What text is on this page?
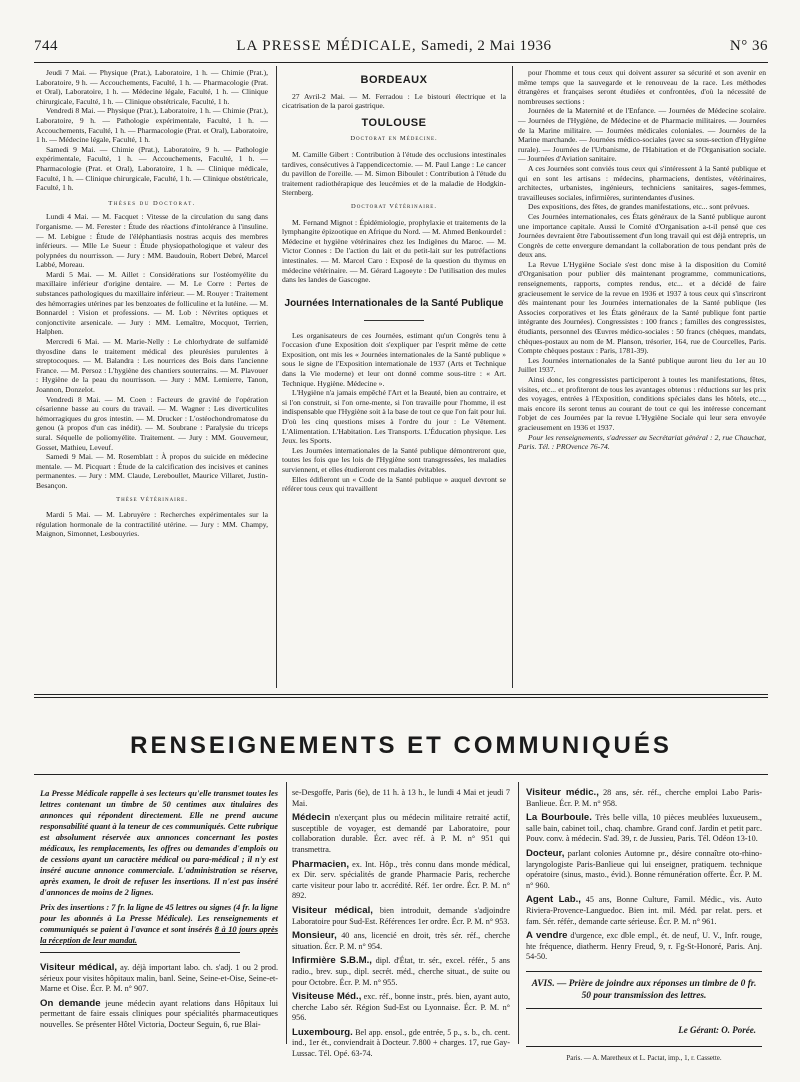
744	LA PRESSE MÉDICALE, Samedi, 2 Mai 1936	N° 36

Jeudi 7 Mai. — Physique (Prat.), Laboratoire, 1 h. — Chimie (Prat.), Laboratoire, 9 h. — Accouchements, Faculté, 1 h. — Pharmacologie (Prat. et Oral), Laboratoire, 1 h. — Médecine légale, Faculté, 1 h. — Clinique chirurgicale, Faculté, 1 h. — Clinique obstétricale, Faculté, 1 h.

Vendredi 8 Mai. — Physique (Prat.), Laboratoire, 1 h. — Chimie (Prat.), Laboratoire, 9 h. — Pathologie expérimentale, Faculté, 1 h. — Accouchements, Faculté, 1 h. — Pharmacologie (Prat. et Oral), Laboratoire, 1 h. — Médecine légale, Faculté, 1 h.

Samedi 9 Mai. — Chimie (Prat.), Laboratoire, 9 h. — Pathologie expérimentale, Faculté, 1 h. — Accouchements, Faculté, 1 h. — Pharmacologie (Prat. et Oral), Laboratoire, 1 h. — Clinique médicale, Faculté, 1 h. — Clinique chirurgicale, Faculté, 1 h. — Clinique obstétricale, Faculté, 1 h.

Thèses du Doctorat.

Lundi 4 Mai. — M. Facquet : Vitesse de la circulation du sang dans l'organisme. — M. Ferester : Étude des réactions d'intolérance à l'insuline. — M. Lebigue : Étude de l'éléphantiasis nostras acquis des membres inférieurs. — Mlle Le Sueur : Étude physiopathologique et valeur des polypnées du nourrisson. — Jury : MM. Baudouin, Robert Debré, Marcel Labbé, Moreau.

Mardi 5 Mai. — M. Aillet : Considérations sur l'ostéomyélite du maxillaire inférieur d'origine dentaire. — M. Le Corre : Pertes de substances pathologiques du maxillaire inférieur. — M. Rouyer : Traitement des hémorragies utérines par les benzoates de folliculine et la lutéine. — M. Bonnardel : Vision et professions. — M. Lob : Névrites optiques et conjonctivite arsenicale. — Jury : MM. Lemaître, Mocquot, Terrien, Halphen.

Mercredi 6 Mai. — M. Marie-Nelly : Le chlorhydrate de sulfamidé thyosdine dans le traitement médical des pleurésies purulentes à streptocoques. — M. Balandra : Les nourrices des Bois dans l'ancienne France. — M. Persoz : L'hygiène des chantiers souterrains. — M. Plavouer : Hygiène de la peau du nourrisson. — Jury : MM. Lemierre, Tanon, Joannon, Donzelot.

Vendredi 8 Mai. — M. Coen : Facteurs de gravité de l'opération césarienne basse au cours du travail. — M. Wagner : Les diverticulites hémorragiques du gros intestin. — M. Drucker : L'ostéochondromatose du genou (à propos d'un cas inédit). — M. Soubrane : Paralysie du triceps sural. Séquelle de poliomyélite. Traitement. — Jury : MM. Gouverneur, Gosset, Mathieu, Leveuf.

Samedi 9 Mai. — M. Rosemblatt : À propos du suicide en médecine mentale. — M. Picquart : Étude de la calcification des incisives et canines permanentes. — Jury : MM. Claude, Lereboullet, Maurice Villaret, Justin-Besançon.

Thèse Vétérinaire.

Mardi 5 Mai. — M. Labruyère : Recherches expérimentales sur la régulation hormonale de la contractilité utérine. — Jury : MM. Champy, Maignon, Simonnet, Lesbouyries.

BORDEAUX

27 Avril-2 Mai. — M. Ferradou : Le bistouri électrique et la cicatrisation de la paroi gastrique.

TOULOUSE
Doctorat en Médecine.

M. Camille Gibert : Contribution à l'étude des occlusions intestinales tardives, consécutives à l'appendicectomie. — M. Paul Lange : Le cancer du pavillon de l'oreille. — M. Simon Biboulet : Contribution à l'étude du traitement radiothérapique des leucémies et de la maladie de Hodgkin-Sternberg.

Doctorat Vétérinaire.

M. Fernand Mignot : Épidémiologie, prophylaxie et traitements de la lymphangite épizootique en Afrique du Nord. — M. Ahmed Benkourdel : Médecine et hygiène vétérinaires chez les Indigènes du Maroc. — M. Victor Connes : De l'action du lait et du petit-lait sur les putréfactions intestinales. — M. Marcel Caro : Exposé de la question du thymus en médecine vétérinaire. — M. Gérard Lagoeyte : De l'utilisation des mules dans les landes de Gascogne.

Journées Internationales de la Santé Publique

Les organisateurs de ces Journées, estimant qu'un Congrès tenu à l'occasion d'une Exposition doit s'expliquer par l'esprit même de cette Exposition, ont mis les « Journées internationales de la Santé publique » sous le signe de l'Exposition internationale de 1937 (Arts et Technique dans la Vie moderne) et leur ont donné comme sous-titre : « Art. Technique. Hygiène. Médecine ».

L'Hygiène n'a jamais empêché l'Art et la Beauté, bien au contraire, et si l'on construit, si l'on orne-mente, si l'on travaille pour l'homme, il est indispensable que l'Hygiène soit à la base de tout ce que l'on fait pour lui. D'où les cinq questions mises à l'ordre du jour : Le Vêtement. L'Alimentation. L'Habitation. Les Transports. L'Éducation physique. Les Jeux. les Sports.

Les Journées internationales de la Santé publique démontreront que, toutes les fois que les lois de l'Hygiène sont transgressées, les maladies surviennent, et elles étudieront ces maladies évitables.

Elles édifieront un « Code de la Santé publique » auquel devront se référer tous ceux qui travaillent

pour l'homme et tous ceux qui doivent assurer sa sécurité et son avenir en même temps que la sauvegarde et le renouveau de la race. Les méthodes étrangères et françaises seront étudiées et confrontées, d'où la nécessité de nombreuses sections :

Journées de la Maternité et de l'Enfance. — Journées de Médecine scolaire. — Journées de l'Hygiène, de Médecine et de Pharmacie militaires. — Journées de la Marine militaire. — Journées médicales coloniales. — Journées de la Marine marchande. — Journées médico-sociales (avec sa sous-section d'Hygiène rurale). — Journées de l'Urbanisme, de l'Habitation et de l'Organisation sociale. — Journées d'Aviation sanitaire.

A ces Journées sont conviés tous ceux qui s'intéressent à la Santé publique et qui en sont les artisans : médecins, pharmaciens, dentistes, vétérinaires, architectes, urbanistes, ingénieurs, techniciens sanitaires, sages-femmes, travailleuses sociales, infirmières, surintendantes d'usines.

Des expositions, des fêtes, de grandes manifestations, etc... sont prévues.

Ces Journées internationales, ces États généraux de la Santé publique auront une importance capitale. Aussi le Comité d'Organisation a-t-il pensé que ces Journées devraient être l'aboutissement d'un long travail qui est déjà entrepris, un Congrès de cette envergure demandant la collaboration de tous pendant près de deux ans.

La Revue L'Hygiène Sociale s'est donc mise à la disposition du Comité d'Organisation pour publier dès maintenant programme, communications, renseignements, rapports, comptes rendus, etc... et a décidé de faire gracieusement le service de la revue en 1936 et 1937 à tous ceux qui s'inscriront dès maintenant pour les Journées internationales de la Santé publique (les Associes corporatives et les États généraux de la Santé publique font partie intégrante des Journées). Congressistes : 100 francs ; familles des congressistes, étudiants, personnel des Œuvres médico-sociales : 50 francs (chèques, mandats, chèques-postaux au nom de M. Planson, trésorier, 164, rue de Courcelles, Paris. Compte chèques postaux : Paris, 1781-39).

Les Journées internationales de la Santé publique auront lieu du 1er au 10 Juillet 1937.

Ainsi donc, les congressistes participeront à toutes les manifestations, fêtes, visites, etc... et profiteront de tous les avantages obtenus : réductions sur les prix des voyages, entrées à l'Exposition, conditions spéciales dans les hôtels, etc..., mais encore ils seront tenus au courant de tout ce qui les intéresse concernant l'objet de ces Journées par la revue L'Hygiène Sociale qui leur sera envoyée gracieusement en 1936 et 1937.

Pour les renseignements, s'adresser au Secrétariat général : 2, rue Chauchat, Paris. Tél. : PROvence 76-74.

RENSEIGNEMENTS ET COMMUNIQUÉS

La Presse Médicale rappelle à ses lecteurs qu'elle transmet toutes les lettres contenant un timbre de 50 centimes aux titulaires des annonces qui répondent directement. Elle ne prend aucune responsabilité quant à la teneur de ces communiqués. Cette rubrique est absolument réservée aux annonces concernant les postes médicaux, les remplacements, les offres ou demandes d'emplois ou de cessions ayant un caractère médical ou para-médical ; il n'y est inséré aucune annonce commerciale. L'administration se réserve, après examen, le droit de refuser les insertions. Il n'est pas inséré d'annonces de moins de 2 lignes.

Prix des insertions : 7 fr. la ligne de 45 lettres ou signes (4 fr. la ligne pour les abonnés à La Presse Médicale). Les renseignements et communiqués se paient à l'avance et sont insérés 8 à 10 jours après la réception de leur mandat.

Visiteur médical, ay. déjà important labo. ch. s'adj. 1 ou 2 prod. sérieux pour visites hôpitaux malin, banl. Seine, Seine-et-Oise, Seine-et-Marne et Oise. Écr. P. M. n° 907.

On demande jeune médecin ayant relations dans Hôpitaux lui permettant de faire essais cliniques pour spécialités pharmaceutiques nouvelles. Se présenter Hôtel Victoria, Docteur Seguin, 6, rue Blai-

se-Desgoffe, Paris (6e), de 11 h. à 13 h., le lundi 4 Mai et jeudi 7 Mai.

Médecin n'exerçant plus ou médecin militaire retraité actif, susceptible de voyager, est demandé par Laboratoire, pour collaboration durable. Écr. avec réf. à P. M. n° 951 qui transmettra.

Pharmacien, ex. Int. Hôp., très connu dans monde médical, ex Dir. serv. spécialités de grande Pharmacie Paris, recherche carte visiteur pour labo tr. accrédité. Réf. 1er ordre. Écr. P. M. n° 892.

Visiteur médical, bien introduit, demande s'adjoindre Laboratoire pour Sud-Est. Références 1er ordre. Écr. P. M. n° 953.

Monsieur, 40 ans, licencié en droit, très sér. réf., cherche situation. Écr. P. M. n° 954.

Infirmière S.B.M., dipl. d'État, tr. sér., excel. référ., 5 ans radio., brev. sup., dipl. secrét. méd., cherche situat., de suite ou pour Octobre. Écr. P. M. n° 955.

Visiteuse Méd., exc. réf., bonne instr., prés. bien, ayant auto, cherche Labo sér. Région Sud-Est ou Lyonnaise. Écr. P. M. n° 956.

Luxembourg. Bel app. ensol., gde entrée, 5 p., s. b., ch. cent. ind., 1er ét., conviendrait à Docteur. 7.800 + charges. 17, rue Gay-Lussac. Tél. Opé. 63-74.

Visiteur médic., 28 ans, sér. réf., cherche emploi Labo Paris-Banlieue. Écr. P. M. n° 958.

La Bourboule. Très belle villa, 10 pièces meublées luxueusem., salle bain, cabinet toil., chaq. chambre. Grand conf. Jardin et petit parc. Pouv. conv. à médecin. S'ad. 39, r. de Jussieu, Paris. Tél. Odéon 13-10.

Docteur, parlant colonies Automne pr., désire connaître oto-rhino-laryngologiste Paris-Banlieue qui lui enseigner, pratiquem. technique opératoire (sinus, masto., évid.). Bonne rémunération offerte. Écr. P. M. n° 960.

Agent Lab., 45 ans, Bonne Culture, Famil. Médic., vis. Auto Riviera-Provence-Languedoc. Bien int. mil. Méd. par relat. pers. et fam. Sér. référ., demande carte sérieuse. Écr. P. M. n° 961.

A vendre d'urgence, exc dble empl., ét. de neuf, U. V., Infr. rouge, hte fréquence, diatherm. Henry Freud, 9, r. Fg-St-Honoré, Paris. Anj. 54-50.

AVIS. — Prière de joindre aux réponses un timbre de 0 fr. 50 pour transmission des lettres.
Le Gérant: O. Porée.
Paris. — A. Maretheux et L. Pactat, imp., 1, r. Cassette.
